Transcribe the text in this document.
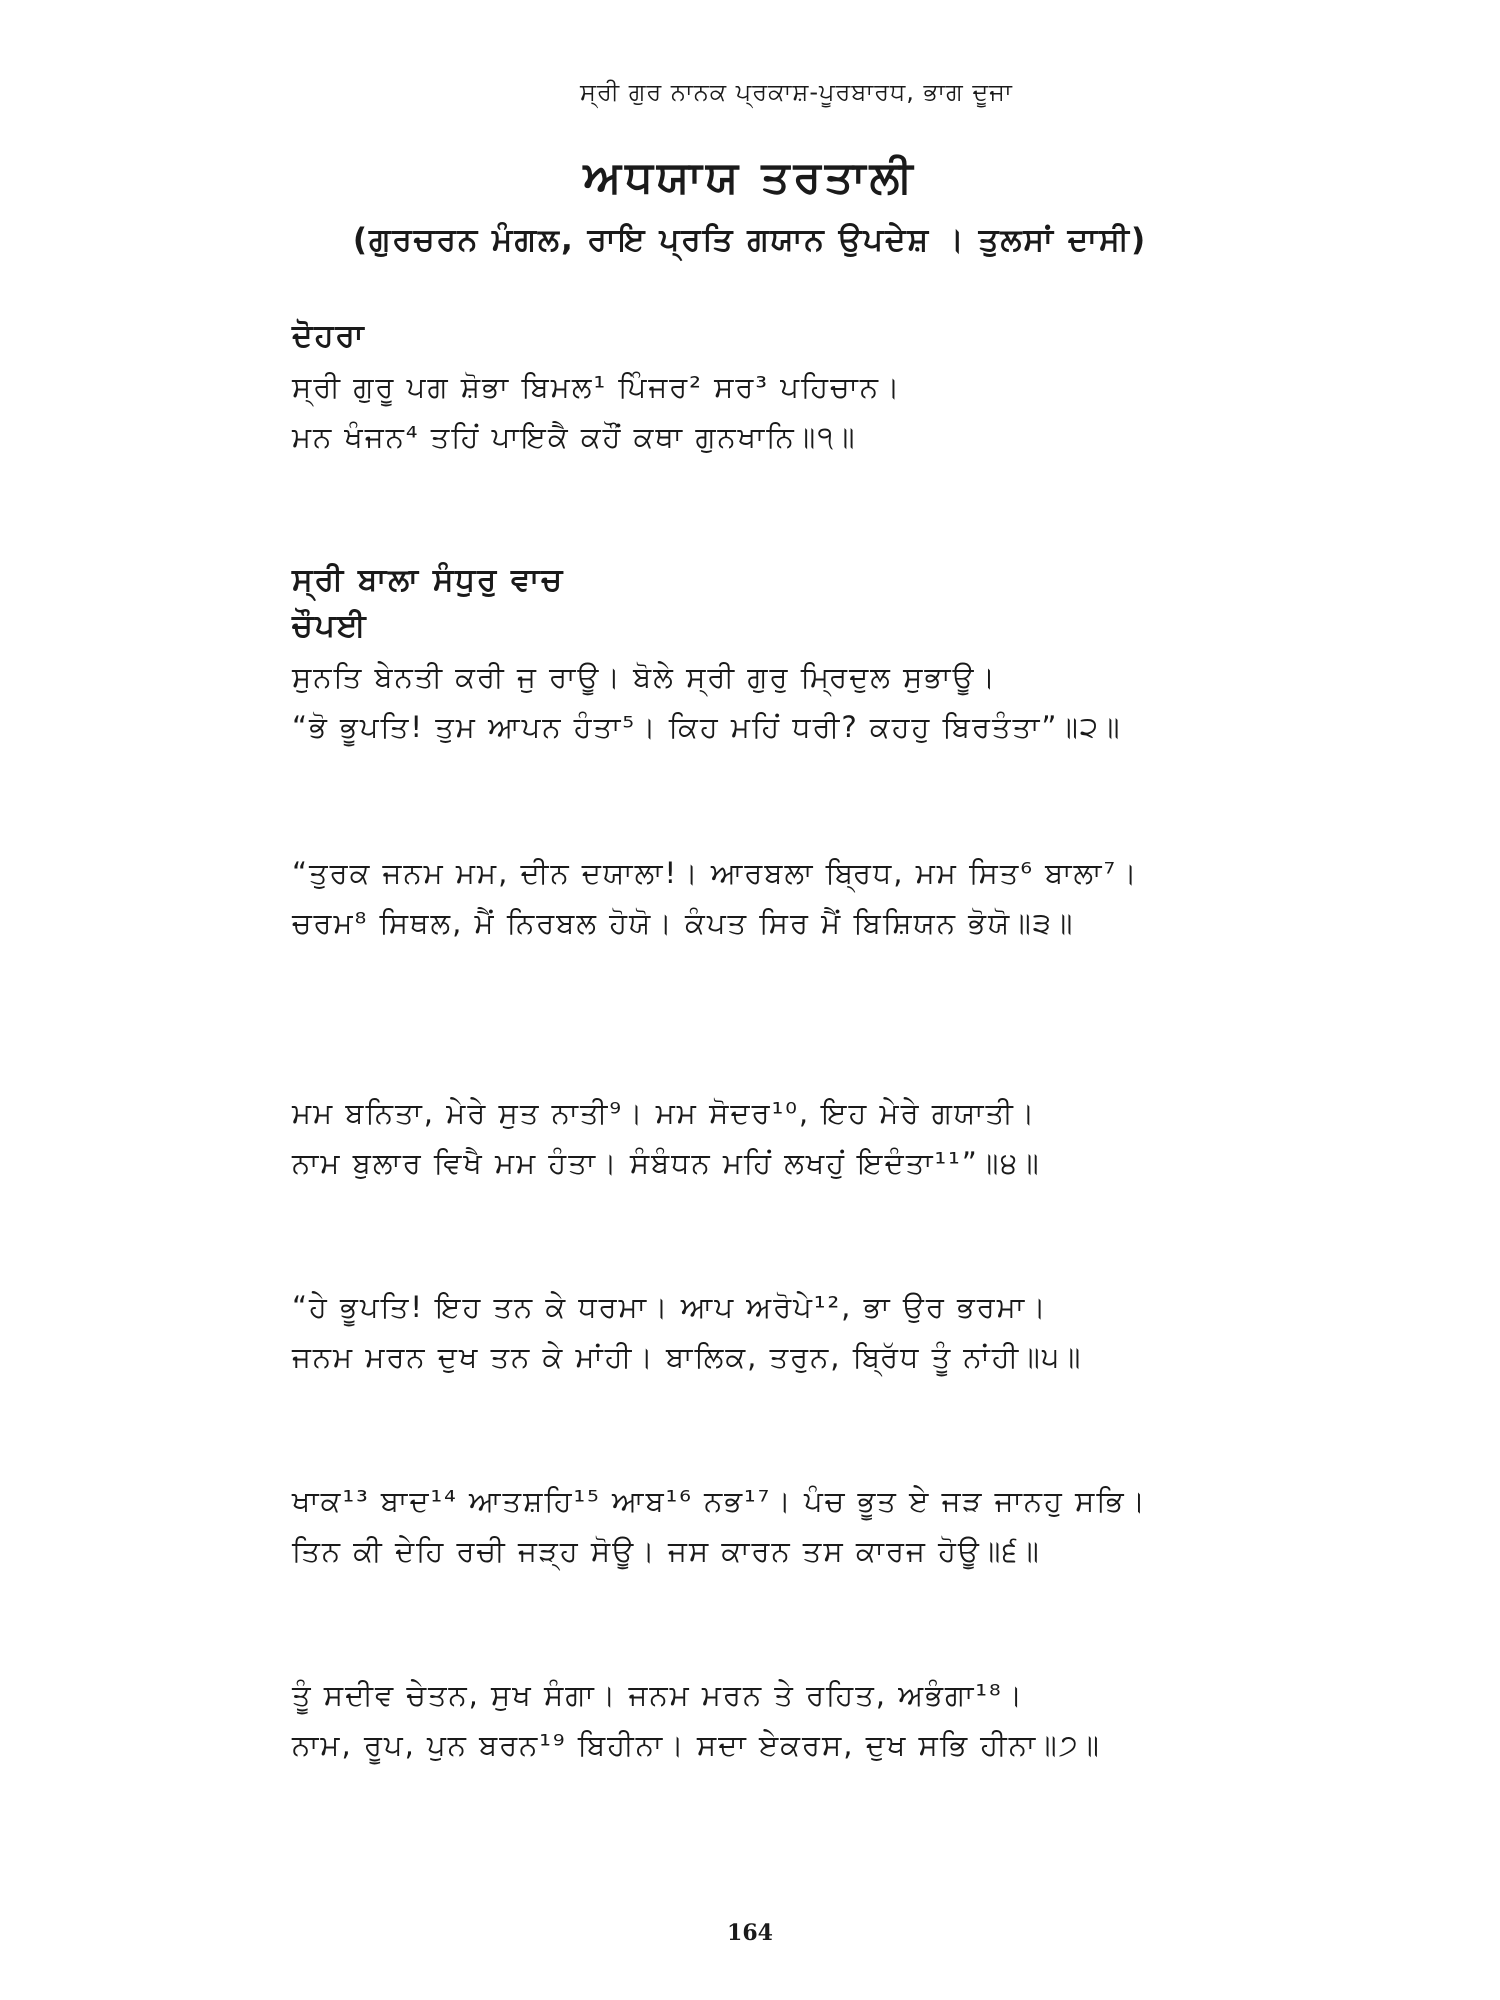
ਸ੍ਰੀ ਗੁਰ ਨਾਨਕ ਪ੍ਰਕਾਸ਼-ਪੂਰਬਾਰਧ, ਭਾਗ ਦੂਜਾ
ਅਧਯਾਯ ਤਰਤਾਲੀ
(ਗੁਰਚਰਨ ਮੰਗਲ, ਰਾਇ ਪ੍ਰਤਿ ਗਯਾਨ ਉਪਦੇਸ਼ । ਤੁਲਸਾਂ ਦਾਸੀ)
ਦੋਹਰਾ
ਸ੍ਰੀ ਗੁਰੂ ਪਗ ਸ਼ੋਭਾ ਬਿਮਲ¹ ਪਿੰਜਰ² ਸਰ³ ਪਹਿਚਾਨ।
ਮਨ ਖੰਜਨ⁴ ਤਹਿਂ ਪਾਇਕੈ ਕਹੌਂ ਕਥਾ ਗੁਨਖਾਨਿ॥੧॥
ਸ੍ਰੀ ਬਾਲਾ ਸੰਧੁਰੁ ਵਾਚ
ਚੌਪਈ
ਸੁਨਤਿ ਬੇਨਤੀ ਕਰੀ ਜੁ ਰਾਊ। ਬੋਲੇ ਸ੍ਰੀ ਗੁਰੁ ਮ੍ਰਿਦੁਲ ਸੁਭਾਊ।
“ਭੋ ਭੂਪਤਿ! ਤੁਮ ਆਪਨ ਹੰਤਾ⁵। ਕਿਹ ਮਹਿਂ ਧਰੀ? ਕਹਹੁ ਬਿਰਤੰਤਾ”॥੨॥
“ਤੁਰਕ ਜਨਮ ਮਮ, ਦੀਨ ਦਯਾਲਾ!। ਆਰਬਲਾ ਬ੍ਰਿਧ, ਮਮ ਸਿਤ⁶ ਬਾਲਾ⁷।
ਚਰਮ⁸ ਸਿਥਲ, ਮੈਂ ਨਿਰਬਲ ਹੋਯੋ। ਕੰਪਤ ਸਿਰ ਮੈਂ ਬਿਸ਼ਿਯਨ ਭੋਯੋ॥੩॥
ਮਮ ਬਨਿਤਾ, ਮੇਰੇ ਸੁਤ ਨਾਤੀ⁹। ਮਮ ਸੋਦਰ¹⁰, ਇਹ ਮੇਰੇ ਗਯਾਤੀ।
ਨਾਮ ਬੁਲਾਰ ਵਿਖੈ ਮਮ ਹੰਤਾ। ਸੰਬੰਧਨ ਮਹਿਂ ਲਖਹੁਂ ਇਦੰਤਾ¹¹”॥੪॥
“ਹੇ ਭੂਪਤਿ! ਇਹ ਤਨ ਕੇ ਧਰਮਾ। ਆਪ ਅਰੋਪੇ¹², ਭਾ ਉਰ ਭਰਮਾ।
ਜਨਮ ਮਰਨ ਦੁਖ ਤਨ ਕੇ ਮਾਂਹੀ। ਬਾਲਿਕ, ਤਰੁਨ, ਬ੍ਰਿੱਧ ਤੂੰ ਨਾਂਹੀ॥੫॥
ਖਾਕ¹³ ਬਾਦ¹⁴ ਆਤਸ਼ਹਿ¹⁵ ਆਬ¹⁶ ਨਭ¹⁷। ਪੰਚ ਭੂਤ ਏ ਜੜ ਜਾਨਹੁ ਸਭਿ।
ਤਿਨ ਕੀ ਦੇਹਿ ਰਚੀ ਜੜ੍ਹ ਸੋਊ। ਜਸ ਕਾਰਨ ਤਸ ਕਾਰਜ ਹੋਊ॥੬॥
ਤੂੰ ਸਦੀਵ ਚੇਤਨ, ਸੁਖ ਸੰਗਾ। ਜਨਮ ਮਰਨ ਤੇ ਰਹਿਤ, ਅਭੰਗਾ¹⁸।
ਨਾਮ, ਰੂਪ, ਪੁਨ ਬਰਨ¹⁹ ਬਿਹੀਨਾ। ਸਦਾ ਏਕਰਸ, ਦੁਖ ਸਭਿ ਹੀਨਾ॥੭॥
164
